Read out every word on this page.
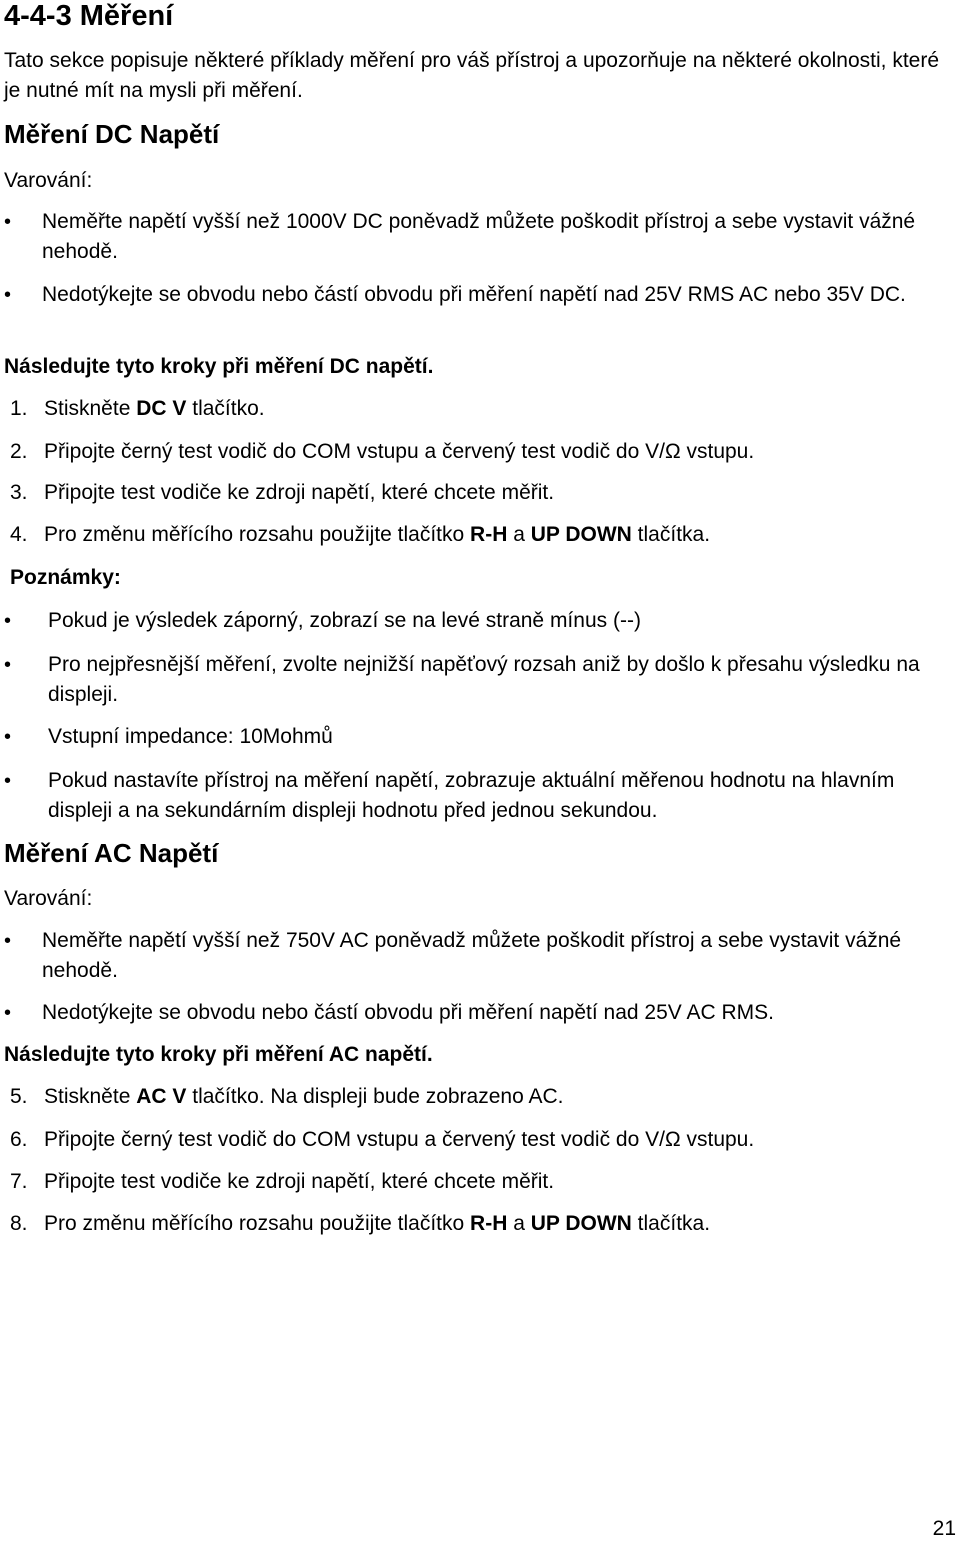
4-4-3 Měření

Tato sekce popisuje některé příklady měření pro váš přístroj a upozorňuje na některé okolnosti, které je nutné mít na mysli při měření.

Měření DC Napětí
Varování:
• Neměřte napětí vyšší než 1000V DC poněvadž můžete poškodit přístroj a sebe vystavit vážné nehodě.
• Nedotýkejte se obvodu nebo částí obvodu při měření napětí nad 25V RMS AC nebo 35V DC.
Následujte tyto kroky při měření DC napětí.
1. Stiskněte DC V tlačítko.
2. Připojte černý test vodič do COM vstupu a červený test vodič do V/Ω vstupu.
3. Připojte test vodiče ke zdroji napětí, které chcete měřit.
4. Pro změnu měřícího rozsahu použijte tlačítko R-H a UP DOWN tlačítka.
Poznámky:
• Pokud je výsledek záporný, zobrazí se na levé straně mínus (--)
• Pro nejpřesnější měření, zvolte nejnižší napěťový rozsah aniž by došlo k přesahu výsledku na displeji.
• Vstupní impedance: 10Mohmů
• Pokud nastavíte přístroj na měření napětí, zobrazuje aktuální měřenou hodnotu na hlavním displeji a na sekundárním displeji hodnotu před jednou sekundou.
Měření AC Napětí
Varování:
• Neměřte napětí vyšší než 750V AC poněvadž můžete poškodit přístroj a sebe vystavit vážné nehodě.
• Nedotýkejte se obvodu nebo částí obvodu při měření napětí nad 25V AC RMS.
Následujte tyto kroky při měření AC napětí.
5. Stiskněte AC V tlačítko. Na displeji bude zobrazeno AC.
6. Připojte černý test vodič do COM vstupu a červený test vodič do V/Ω vstupu.
7. Připojte test vodiče ke zdroji napětí, které chcete měřit.
8. Pro změnu měřícího rozsahu použijte tlačítko R-H a UP DOWN tlačítka.
21
